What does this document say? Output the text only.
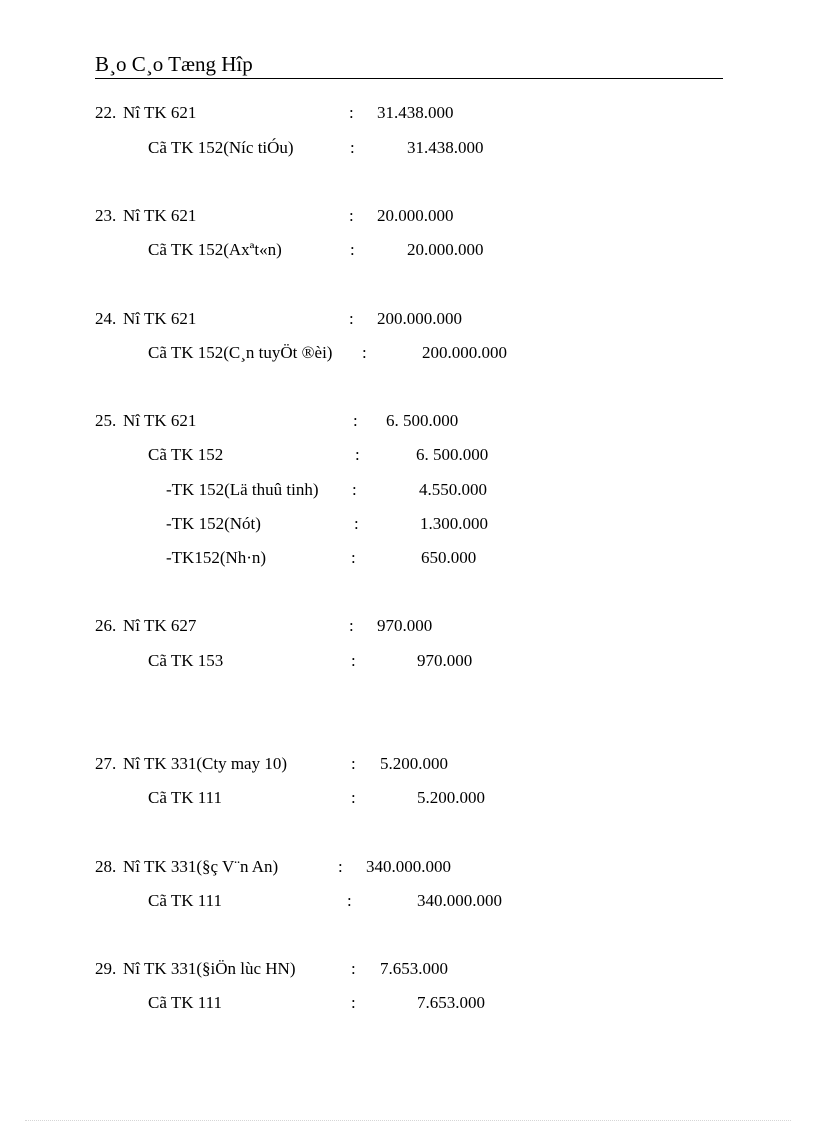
B¸o C¸o Tæng Hîp
22. Nî TK 621	: 31.438.000
Cã TK 152(Níc tiÓu)	:	31.438.000
23. Nî TK 621	: 20.000.000
Cã TK 152(Axªt«n)	:	20.000.000
24. Nî TK 621	: 200.000.000
Cã TK 152(C¸n tuyÖt ®èi) :	200.000.000
25. Nî TK 621	: 6. 500.000
Cã TK 152	:	6. 500.000
-TK 152(Lä thuû tinh) :	4.550.000
-TK 152(Nót)	:	1.300.000
-TK152(Nh·n)	:	650.000
26. Nî TK 627	: 970.000
Cã TK 153	:	970.000
27. Nî TK 331(Cty may 10)	: 5.200.000
Cã TK 111	:	5.200.000
28. Nî TK 331(§ç V¨n An)	: 340.000.000
Cã TK 111	:	340.000.000
29. Nî TK 331(§iÖn lùc HN)	: 7.653.000
Cã TK 111	:	7.653.000
